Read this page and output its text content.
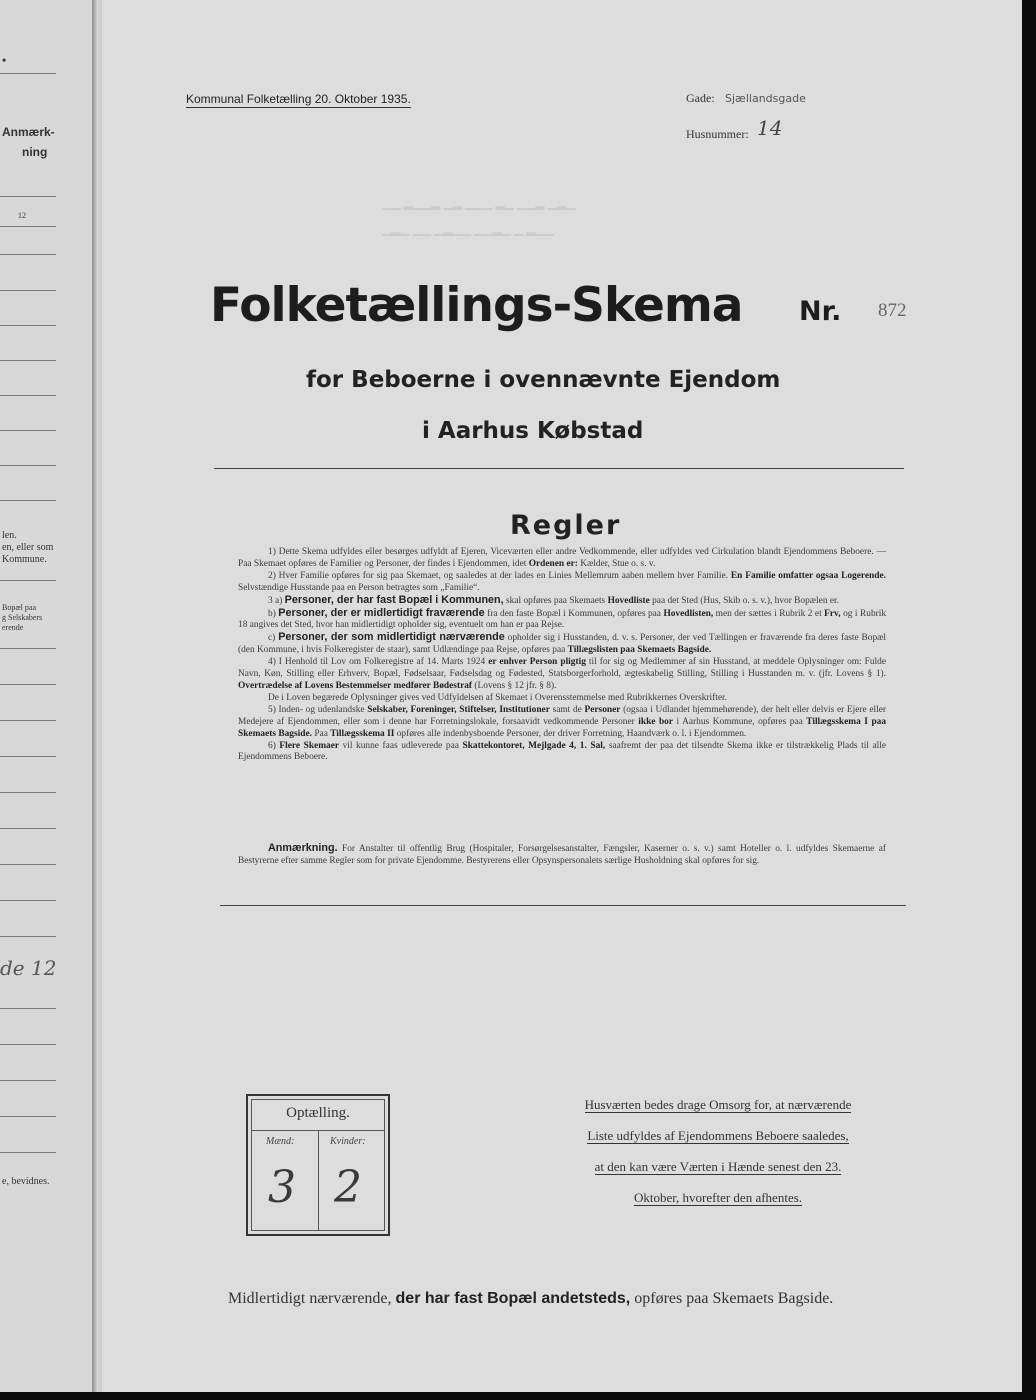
•
Anmærk-
ning
12
len.
en, eller som
Kommune.
Bopæl paa
g Selskabers
erende
de 12
e, bevidnes.
▁▁ ▂▁▁▂ ▁▂ ▁▁▁ ▂▁ ▁▁▂ ▁▂▁
▁▂▁ ▁▁ ▁▂▁▁ ▁▁▂▁ ▁ ▂▁▁
Kommunal Folketælling 20. Oktober 1935.	Gade: Sjællandsgade
Husnummer: 14
Folketællings-Skema Nr. 872
for Beboerne i ovennævnte Ejendom
i Aarhus Købstad
Regler

1) Dette Skema udfyldes eller besørges udfyldt af Ejeren, Viceværten eller andre Vedkommende, eller udfyldes ved Cirkulation blandt Ejendommens Beboere. — Paa Skemaet opføres de Familier og Personer, der findes i Ejendommen, idet Ordenen er: Kælder, Stue o. s. v.

2) Hver Familie opføres for sig paa Skemaet, og saaledes at der lades en Linies Mellemrum aaben mellem hver Familie. En Familie omfatter ogsaa Logerende. Selvstændige Husstande paa en Person betragtes som „Familie“.

3 a) Personer, der har fast Bopæl i Kommunen, skal opføres paa Skemaets Hovedliste paa det Sted (Hus, Skib o. s. v.), hvor Bopælen er.

b) Personer, der er midlertidigt fraværende fra den faste Bopæl i Kommunen, opføres paa Hovedlisten, men der sættes i Rubrik 2 et Frv, og i Rubrik 18 angives det Sted, hvor han midlertidigt opholder sig, eventuelt om han er paa Rejse.

c) Personer, der som midlertidigt nærværende opholder sig i Husstanden, d. v. s. Personer, der ved Tællingen er fraværende fra deres faste Bopæl (den Kommune, i hvis Folkeregister de staar), samt Udlændinge paa Rejse, opføres paa Tillægslisten paa Skemaets Bagside.

4) I Henhold til Lov om Folkeregistre af 14. Marts 1924 er enhver Person pligtig til for sig og Medlemmer af sin Husstand, at meddele Oplysninger om: Fulde Navn, Køn, Stilling eller Erhverv, Bopæl, Fødselsaar, Fødselsdag og Fødested, Statsborgerforhold, ægteskabelig Stilling, Stilling i Husstanden m. v. (jfr. Lovens § 1). Overtrædelse af Lovens Bestemmelser medfører Bødestraf (Lovens § 12 jfr. § 8).

De i Loven begærede Oplysninger gives ved Udfyldelsen af Skemaet i Overensstemmelse med Rubrikkernes Overskrifter.

5) Inden- og udenlandske Selskaber, Foreninger, Stiftelser, Institutioner samt de Personer (ogsaa i Udlandet hjemmehørende), der helt eller delvis er Ejere eller Medejere af Ejendommen, eller som i denne har Forretningslokale, forsaavidt vedkommende Personer ikke bor i Aarhus Kommune, opføres paa Tillægsskema I paa Skemaets Bagside. Paa Tillægsskema II opføres alle indenbysboende Personer, der driver Forretning, Haandværk o. l. i Ejendommen.

6) Flere Skemaer vil kunne faas udleverede paa Skattekontoret, Mejlgade 4, 1. Sal, saafremt der paa det tilsendte Skema ikke er tilstrækkelig Plads til alle Ejendommens Beboere.

Anmærkning. For Anstalter til offentlig Brug (Hospitaler, Forsørgelsesanstalter, Fængsler, Kaserner o. s. v.) samt Hoteller o. l. udfyldes Skemaerne af Bestyrerne efter samme Regler som for private Ejendomme. Bestyrerens eller Opsynspersonalets særlige Husholdning skal opføres for sig.

Optælling.
Mænd:	Kvinder:
3 2
Husværten bedes drage Omsorg for, at nærværende
Liste udfyldes af Ejendommens Beboere saaledes,
at den kan være Værten i Hænde senest den 23.
Oktober, hvorefter den afhentes.
Midlertidigt nærværende, der har fast Bopæl andetsteds, opføres paa Skemaets Bagside.
